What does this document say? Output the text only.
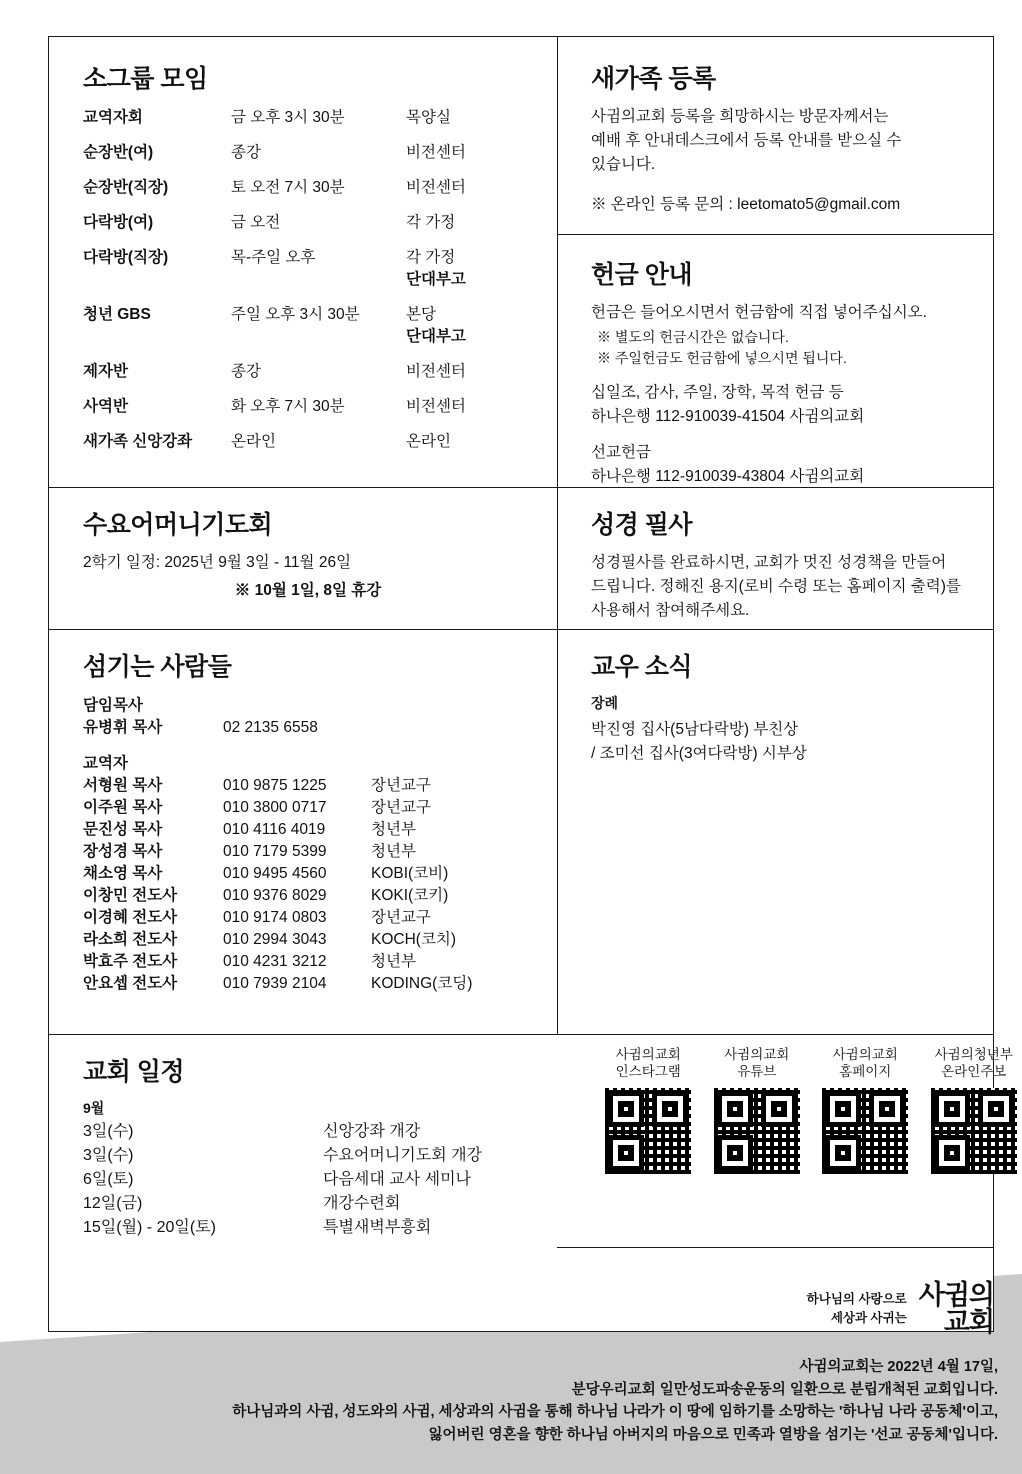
소그룹 모임
교역자회	금 오후 3시 30분	목양실
순장반(여)	종강	비전센터
순장반(직장)	토 오전 7시 30분	비전센터
다락방(여)	금 오전	각 가정
다락방(직장)	목-주일 오후	각 가정
단대부고
청년 GBS	주일 오후 3시 30분	본당
단대부고
제자반	종강	비전센터
사역반	화 오후 7시 30분	비전센터
새가족 신앙강좌	온라인	온라인
새가족 등록
사귐의교회 등록을 희망하시는 방문자께서는
예배 후 안내데스크에서 등록 안내를 받으실 수
있습니다.
※ 온라인 등록 문의 : leetomato5@gmail.com
헌금 안내
헌금은 들어오시면서 헌금함에 직접 넣어주십시오.
※ 별도의 헌금시간은 없습니다.
※ 주일헌금도 헌금함에 넣으시면 됩니다.
십일조, 감사, 주일, 장학, 목적 헌금 등
하나은행 112-910039-41504 사귐의교회
선교헌금
하나은행 112-910039-43804 사귐의교회
수요어머니기도회
2학기 일정: 2025년 9월 3일 - 11월 26일
※ 10월 1일, 8일 휴강
성경 필사
성경필사를 완료하시면, 교회가 멋진 성경책을 만들어
드립니다. 정해진 용지(로비 수령 또는 홈페이지 출력)를
사용해서 참여해주세요.
섬기는 사람들
담임목사
유병휘 목사	02 2135 6558
교역자
서형원 목사	010 9875 1225	장년교구
이주원 목사	010 3800 0717	장년교구
문진성 목사	010 4116 4019	청년부
장성경 목사	010 7179 5399	청년부
채소영 목사	010 9495 4560	KOBI(코비)
이창민 전도사	010 9376 8029	KOKI(코키)
이경혜 전도사	010 9174 0803	장년교구
라소희 전도사	010 2994 3043	KOCH(코치)
박효주 전도사	010 4231 3212	청년부
안요셉 전도사	010 7939 2104	KODING(코딩)
교우 소식
장례
박진영 집사(5남다락방) 부친상
/ 조미선 집사(3여다락방) 시부상
교회 일정
9월
3일(수)	신앙강좌 개강
3일(수)	수요어머니기도회 개강
6일(토)	다음세대 교사 세미나
12일(금)	개강수련회
15일(월) - 20일(토)	특별새벽부흥회
사귐의교회
인스타그램
사귐의교회
유튜브
사귐의교회
홈페이지
사귐의청년부
온라인주보
하나님의 사랑으로
세상과 사귀는
사귐의
교회
사귐의교회는 2022년 4월 17일,
분당우리교회 일만성도파송운동의 일환으로 분립개척된 교회입니다.
하나님과의 사귐, 성도와의 사귐, 세상과의 사귐을 통해 하나님 나라가 이 땅에 임하기를 소망하는 '하나님 나라 공동체'이고,
잃어버린 영혼을 향한 하나님 아버지의 마음으로 민족과 열방을 섬기는 '선교 공동체'입니다.
